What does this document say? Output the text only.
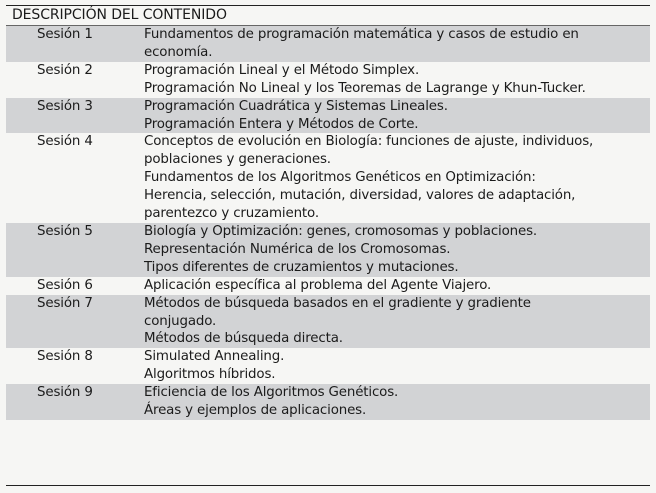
DESCRIPCIÓN DEL CONTENIDO
Sesión 1	Fundamentos de programación matemática y casos de estudio en
economía.

Sesión 2	Programación Lineal y el Método Simplex.
Programación No Lineal y los Teoremas de Lagrange y Khun-Tucker.

Sesión 3	Programación Cuadrática y Sistemas Lineales.
Programación Entera y Métodos de Corte.

Sesión 4	Conceptos de evolución en Biología: funciones de ajuste, individuos,
poblaciones y generaciones.
Fundamentos de los Algoritmos Genéticos en Optimización:
Herencia, selección, mutación, diversidad, valores de adaptación,
parentezco y cruzamiento.

Sesión 5	Biología y Optimización: genes, cromosomas y poblaciones.
Representación Numérica de los Cromosomas.
Tipos diferentes de cruzamientos y mutaciones.

Sesión 6	Aplicación específica al problema del Agente Viajero.

Sesión 7	Métodos de búsqueda basados en el gradiente y gradiente
conjugado.
Métodos de búsqueda directa.

Sesión 8	Simulated Annealing.
Algoritmos híbridos.

Sesión 9	Eficiencia de los Algoritmos Genéticos.
Áreas y ejemplos de aplicaciones.
